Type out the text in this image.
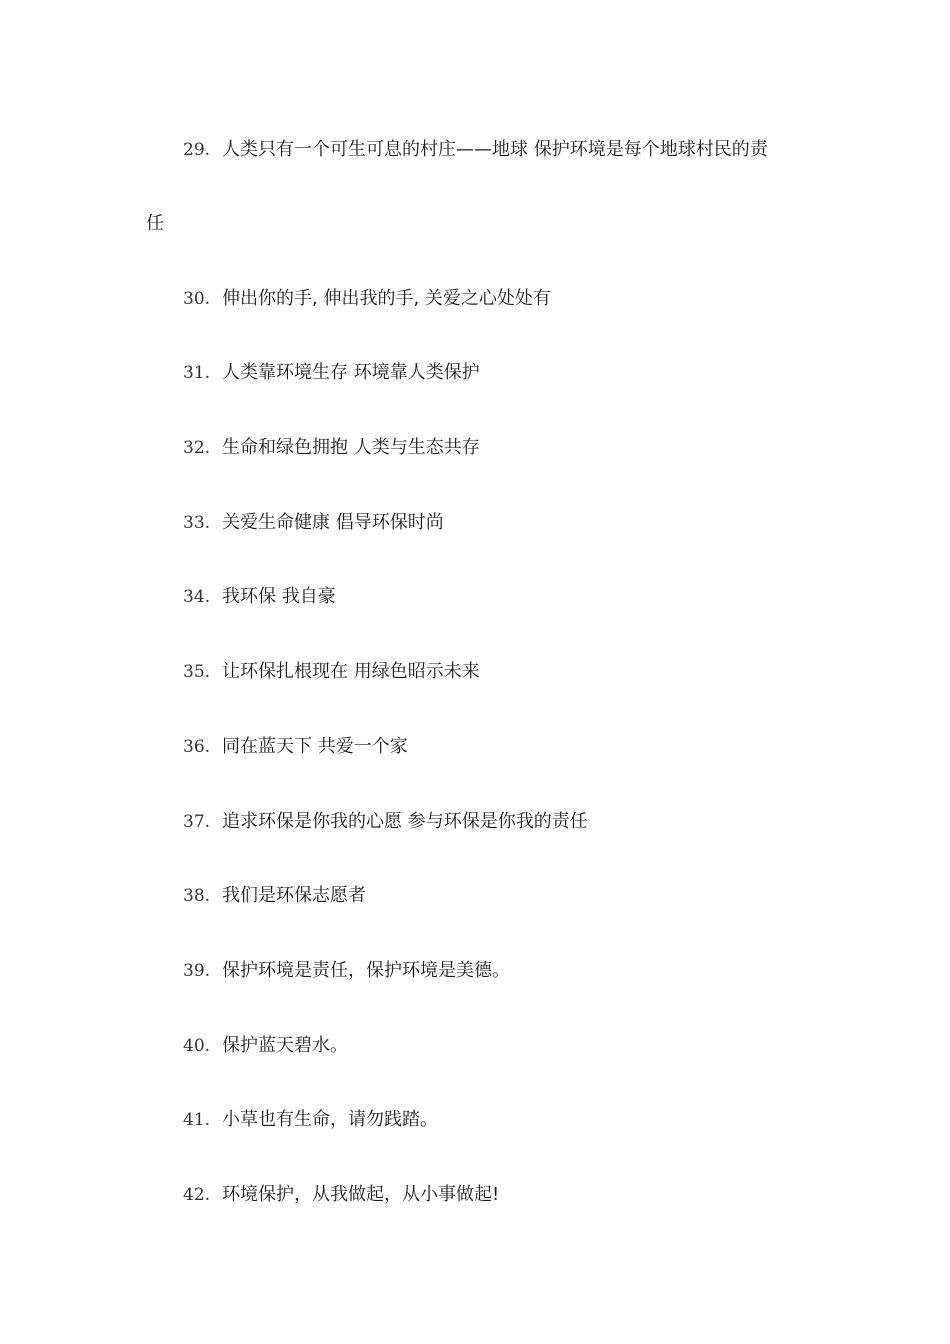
29. 人类只有一个可生可息的村庄——地球 保护环境是每个地球村民的责
任
30. 伸出你的手, 伸出我的手, 关爱之心处处有
31. 人类靠环境生存 环境靠人类保护
32. 生命和绿色拥抱 人类与生态共存
33. 关爱生命健康 倡导环保时尚
34. 我环保 我自豪
35. 让环保扎根现在 用绿色昭示未来
36. 同在蓝天下 共爱一个家
37. 追求环保是你我的心愿 参与环保是你我的责任
38. 我们是环保志愿者
39. 保护环境是责任，保护环境是美德。
40. 保护蓝天碧水。
41. 小草也有生命，请勿践踏。
42. 环境保护，从我做起，从小事做起!
